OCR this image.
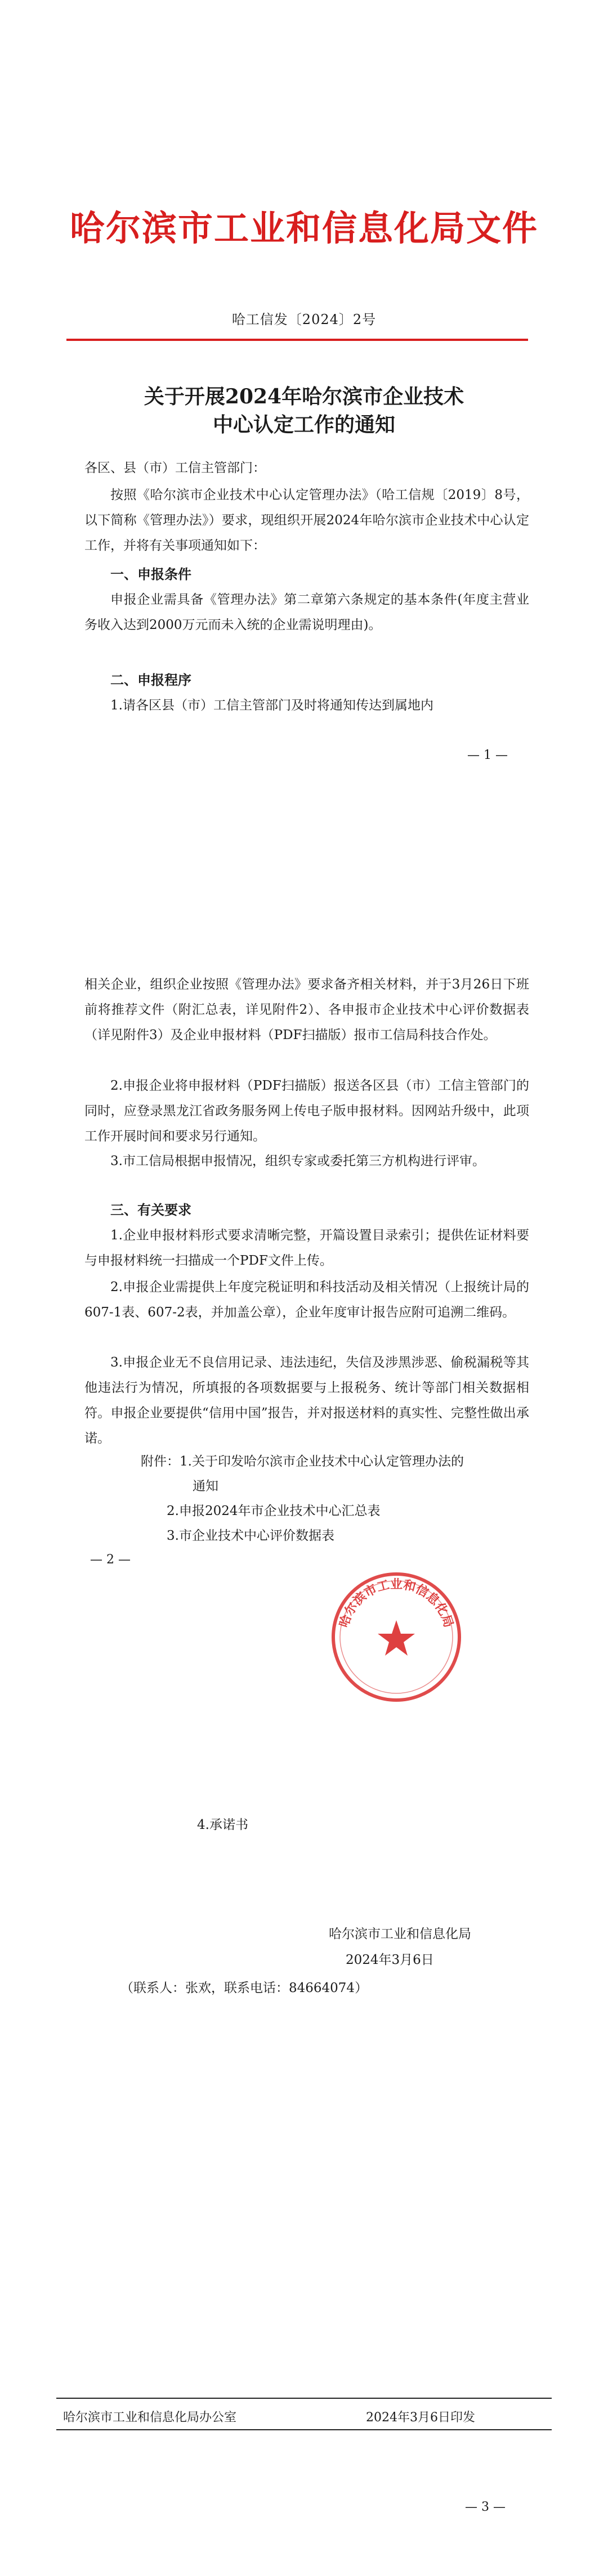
哈尔滨市工业和信息化局文件
哈工信发〔2024〕2号
关于开展2024年哈尔滨市企业技术
中心认定工作的通知
各区、县（市）工信主管部门：
按照《哈尔滨市企业技术中心认定管理办法》（哈工信规〔2019〕8号，以下简称《管理办法》）要求，现组织开展2024年哈尔滨市企业技术中心认定工作，并将有关事项通知如下：
一、申报条件
申报企业需具备《管理办法》第二章第六条规定的基本条件(年度主营业务收入达到2000万元而未入统的企业需说明理由)。
二、申报程序
1.请各区县（市）工信主管部门及时将通知传达到属地内
— 1 —
相关企业，组织企业按照《管理办法》要求备齐相关材料，并于3月26日下班前将推荐文件（附汇总表，详见附件2）、各申报市企业技术中心评价数据表（详见附件3）及企业申报材料（PDF扫描版）报市工信局科技合作处。
2.申报企业将申报材料（PDF扫描版）报送各区县（市）工信主管部门的同时，应登录黑龙江省政务服务网上传电子版申报材料。因网站升级中，此项工作开展时间和要求另行通知。
3.市工信局根据申报情况，组织专家或委托第三方机构进行评审。
三、有关要求
1.企业申报材料形式要求清晰完整，开篇设置目录索引；提供佐证材料要与申报材料统一扫描成一个PDF文件上传。
2.申报企业需提供上年度完税证明和科技活动及相关情况（上报统计局的607-1表、607-2表，并加盖公章），企业年度审计报告应附可追溯二维码。
3.申报企业无不良信用记录、违法违纪，失信及涉黑涉恶、偷税漏税等其他违法行为情况，所填报的各项数据要与上报税务、统计等部门相关数据相符。申报企业要提供“信用中国”报告，并对报送材料的真实性、完整性做出承诺。
附件：1.关于印发哈尔滨市企业技术中心认定管理办法的
通知
2.申报2024年市企业技术中心汇总表
3.市企业技术中心评价数据表
— 2 —
4.承诺书
哈尔滨市工业和信息化局
哈尔滨市工业和信息化局
2024年3月6日
（联系人：张欢，联系电话：84664074）
哈尔滨市工业和信息化局办公室	2024年3月6日印发
— 3 —
